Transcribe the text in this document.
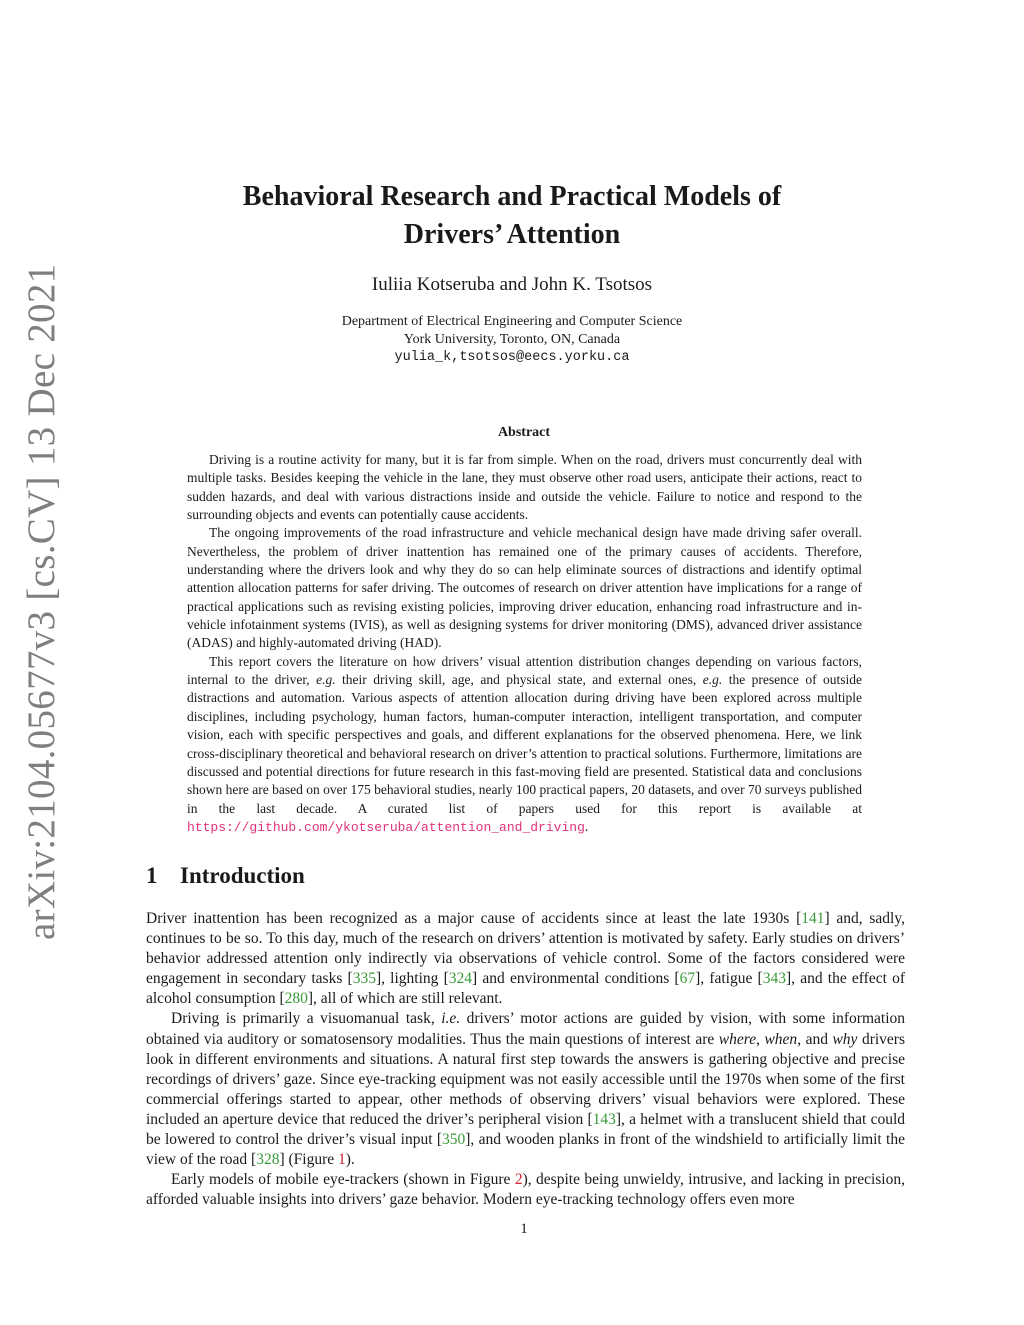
arXiv:2104.05677v3 [cs.CV] 13 Dec 2021
Behavioral Research and Practical Models of
Drivers’ Attention
Iuliia Kotseruba and John K. Tsotsos
Department of Electrical Engineering and Computer Science
York University, Toronto, ON, Canada
yulia_k,tsotsos@eecs.yorku.ca
Abstract

Driving is a routine activity for many, but it is far from simple. When on the road, drivers must concurrently deal with multiple tasks. Besides keeping the vehicle in the lane, they must observe other road users, anticipate their actions, react to sudden hazards, and deal with various distractions inside and outside the vehicle. Failure to notice and respond to the surrounding objects and events can potentially cause accidents.

The ongoing improvements of the road infrastructure and vehicle mechanical design have made driving safer overall. Nevertheless, the problem of driver inattention has remained one of the primary causes of accidents. Therefore, understanding where the drivers look and why they do so can help eliminate sources of distractions and identify optimal attention allocation patterns for safer driving. The outcomes of research on driver attention have implications for a range of practical applications such as revising existing policies, improving driver education, enhancing road infrastructure and in-vehicle infotainment systems (IVIS), as well as designing systems for driver monitoring (DMS), advanced driver assistance (ADAS) and highly-automated driving (HAD).

This report covers the literature on how drivers’ visual attention distribution changes depending on various factors, internal to the driver, e.g. their driving skill, age, and physical state, and external ones, e.g. the presence of outside distractions and automation. Various aspects of attention allocation during driving have been explored across multiple disciplines, including psychology, human factors, human-computer interaction, intelligent transportation, and computer vision, each with specific perspectives and goals, and different explanations for the observed phenomena. Here, we link cross-disciplinary theoretical and behavioral research on driver’s attention to practical solutions. Furthermore, limitations are discussed and potential directions for future research in this fast-moving field are presented. Statistical data and conclusions shown here are based on over 175 behavioral studies, nearly 100 practical papers, 20 datasets, and over 70 surveys published in the last decade. A curated list of papers used for this report is available at https://github.com/ykotseruba/attention_and_driving.

1 Introduction

Driver inattention has been recognized as a major cause of accidents since at least the late 1930s [141] and, sadly, continues to be so. To this day, much of the research on drivers’ attention is motivated by safety. Early studies on drivers’ behavior addressed attention only indirectly via observations of vehicle control. Some of the factors considered were engagement in secondary tasks [335], lighting [324] and environmental conditions [67], fatigue [343], and the effect of alcohol consumption [280], all of which are still relevant.

Driving is primarily a visuomanual task, i.e. drivers’ motor actions are guided by vision, with some information obtained via auditory or somatosensory modalities. Thus the main questions of interest are where, when, and why drivers look in different environments and situations. A natural first step towards the answers is gathering objective and precise recordings of drivers’ gaze. Since eye-tracking equipment was not easily accessible until the 1970s when some of the first commercial offerings started to appear, other methods of observing drivers’ visual behaviors were explored. These included an aperture device that reduced the driver’s peripheral vision [143], a helmet with a translucent shield that could be lowered to control the driver’s visual input [350], and wooden planks in front of the windshield to artificially limit the view of the road [328] (Figure 1).

Early models of mobile eye-trackers (shown in Figure 2), despite being unwieldy, intrusive, and lacking in precision, afforded valuable insights into drivers’ gaze behavior. Modern eye-tracking technology offers even more

1
